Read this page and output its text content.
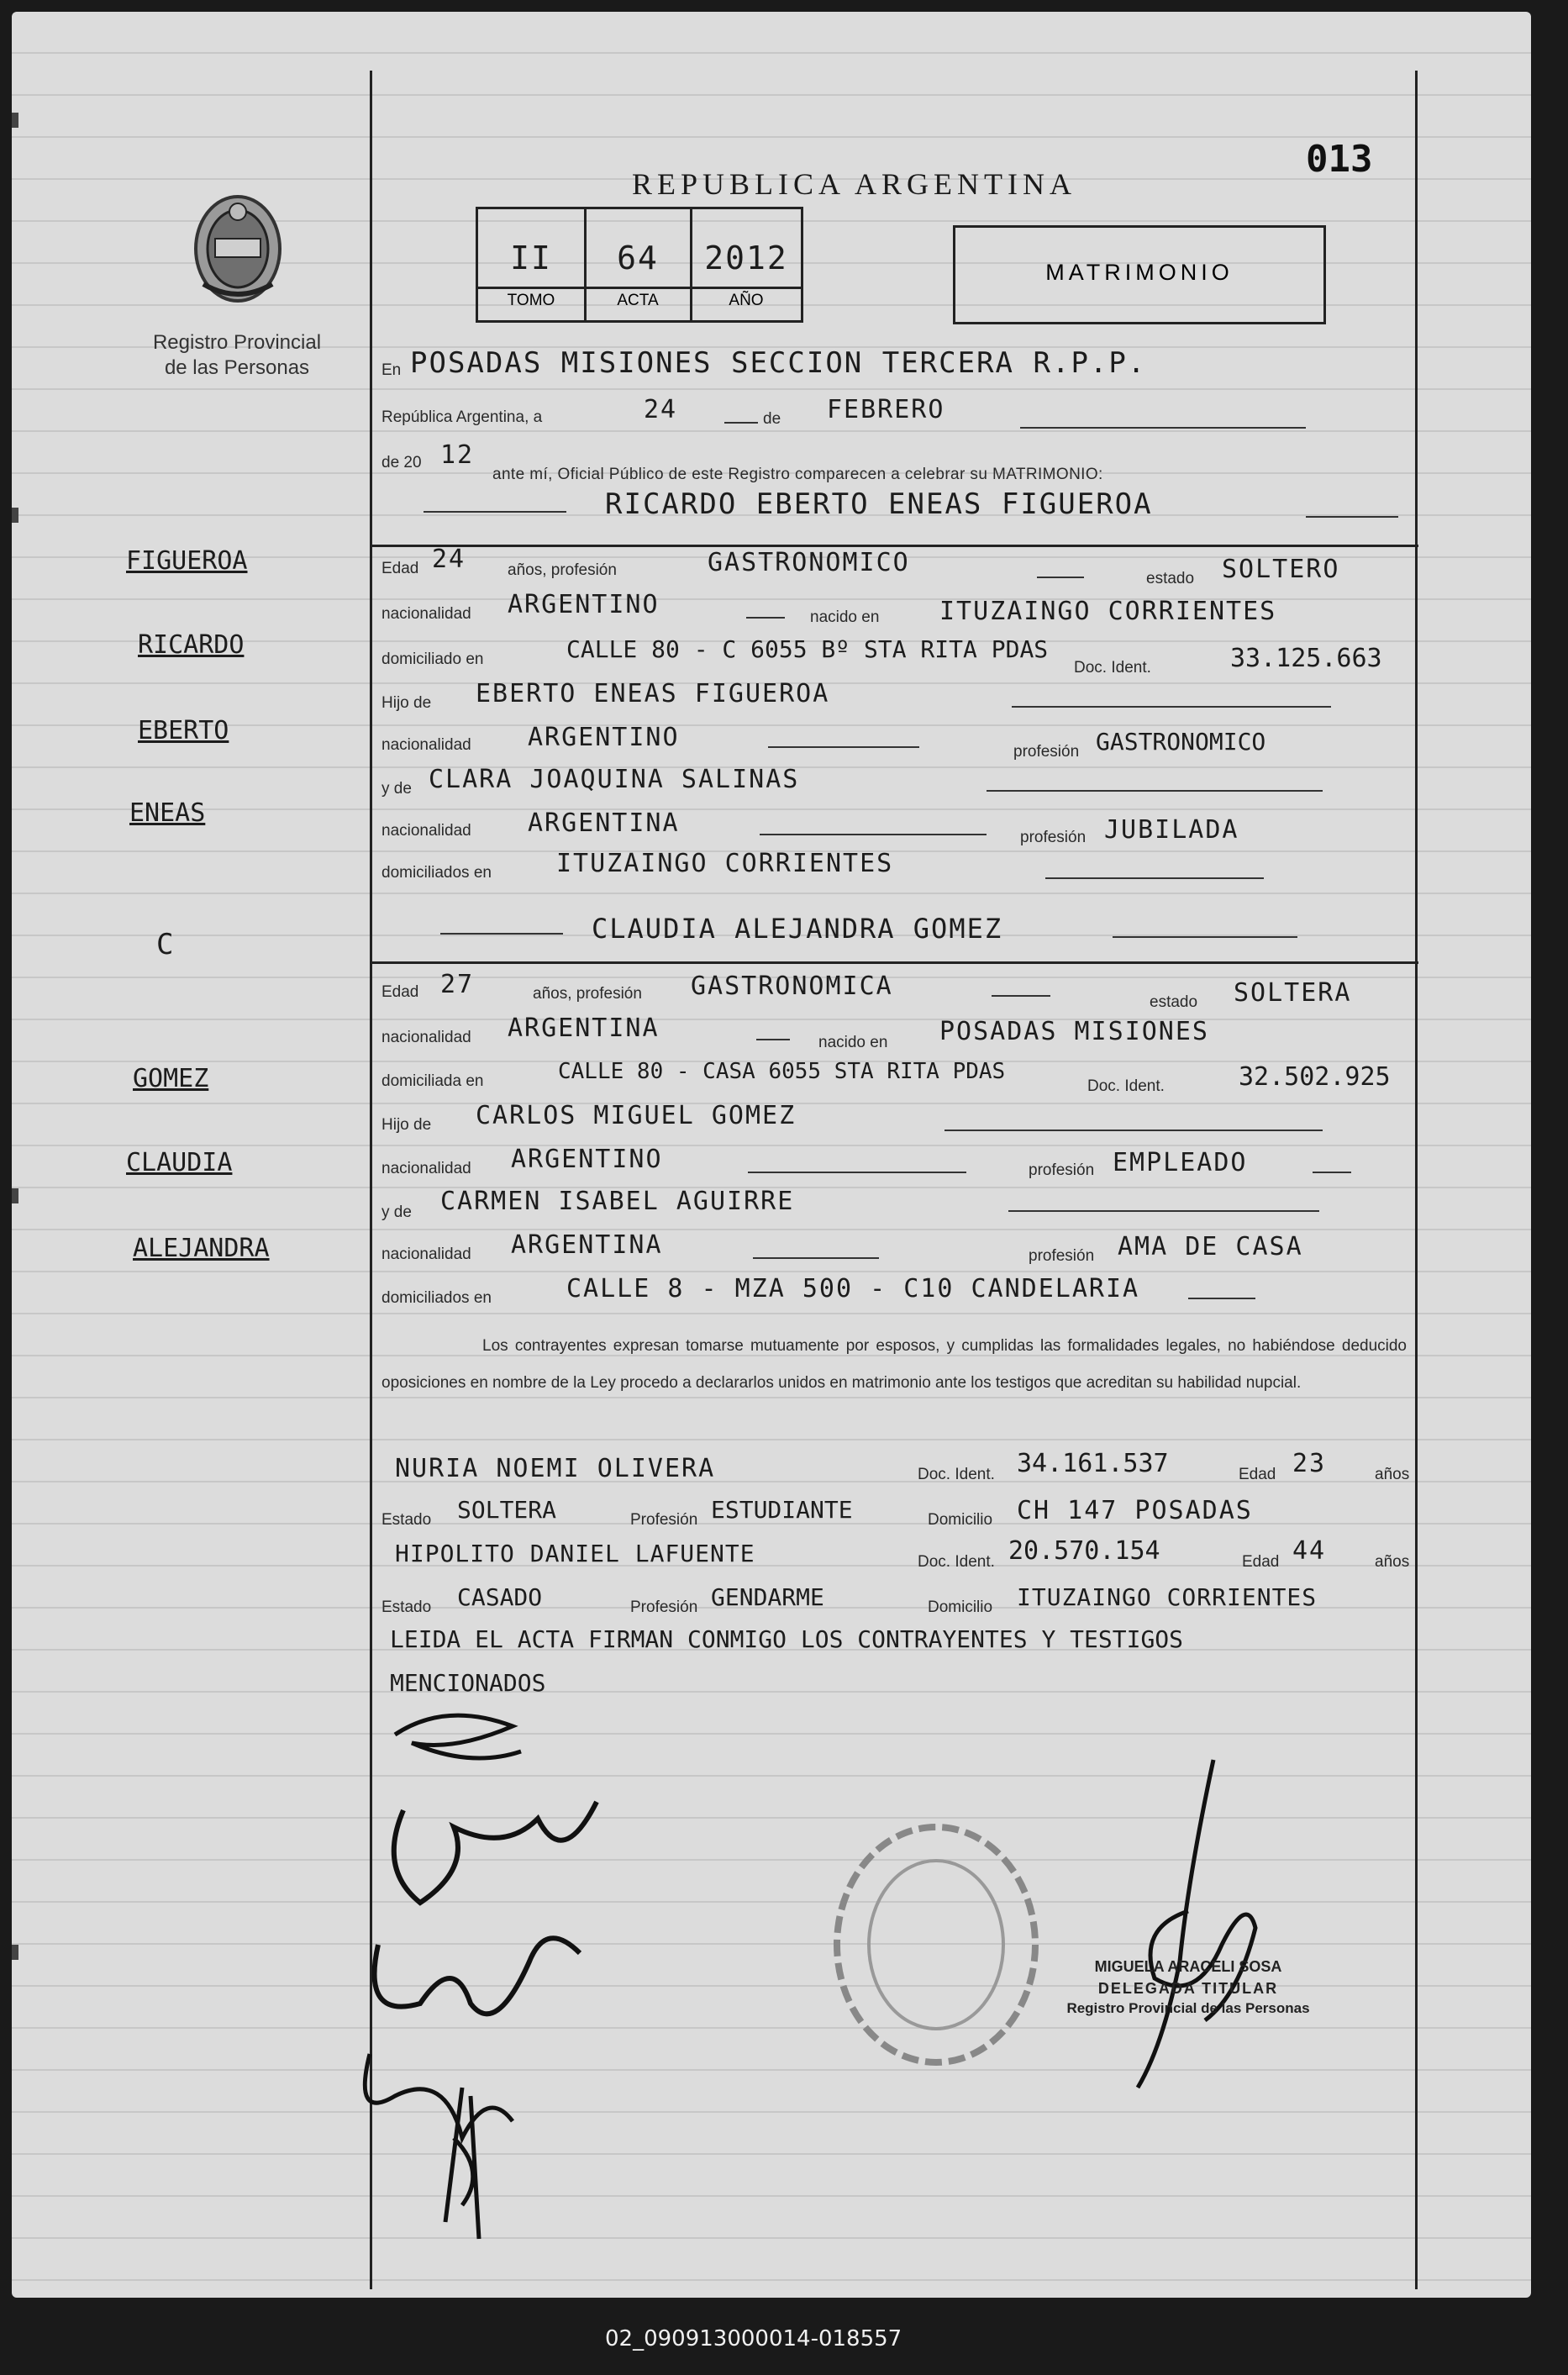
013
REPUBLICA ARGENTINA
Registro Provincial
de las Personas
II	64	2012
TOMO	ACTA	AÑO
MATRIMONIO
En POSADAS MISIONES SECCION TERCERA R.P.P.
República Argentina, a	24	de FEBRERO
de 20 12
ante mí, Oficial Público de este Registro comparecen a celebrar su MATRIMONIO:
RICARDO EBERTO ENEAS FIGUEROA
Edad 24	años, profesión	GASTRONOMICO
estado SOLTERO
nacionalidad ARGENTINO	nacido en ITUZAINGO CORRIENTES
domiciliado en	CALLE 80 - C 6055 Bº STA RITA PDAS
Doc. Ident.	33.125.663
Hijo de EBERTO ENEAS FIGUEROA
nacionalidad ARGENTINO	profesión GASTRONOMICO
y de CLARA JOAQUINA SALINAS
nacionalidad ARGENTINA	profesión JUBILADA
domiciliados en	ITUZAINGO CORRIENTES
CLAUDIA ALEJANDRA GOMEZ
Edad 27	años, profesión GASTRONOMICA
estado SOLTERA
nacionalidad ARGENTINA	nacido en POSADAS MISIONES
domiciliada en	CALLE 80 - CASA 6055 STA RITA PDAS
Doc. Ident.	32.502.925
Hijo de CARLOS MIGUEL GOMEZ
nacionalidad ARGENTINO	profesión EMPLEADO
y de CARMEN ISABEL AGUIRRE
nacionalidad ARGENTINA	profesión AMA DE CASA
domiciliados en	CALLE 8 - MZA 500 - C10 CANDELARIA
Los contrayentes expresan tomarse mutuamente por esposos, y cumplidas las formalidades legales, no habiéndose deducido oposiciones en nombre de la Ley procedo a declararlos unidos en matrimonio ante los testigos que acreditan su habilidad nupcial.
NURIA NOEMI OLIVERA	Doc. Ident. 34.161.537	Edad 23	años
Estado SOLTERA	Profesión ESTUDIANTE	Domicilio CH 147 POSADAS
HIPOLITO DANIEL LAFUENTE	Doc. Ident. 20.570.154	Edad 44	años
Estado CASADO	Profesión GENDARME	Domicilio ITUZAINGO CORRIENTES
LEIDA EL ACTA FIRMAN CONMIGO LOS CONTRAYENTES Y TESTIGOS
MENCIONADOS
FIGUEROA
RICARDO
EBERTO
ENEAS
C
GOMEZ
CLAUDIA
ALEJANDRA
MIGUELA ARACELI SOSA
DELEGADA TITULAR
Registro Provincial de las Personas
02_090913000014-018557
